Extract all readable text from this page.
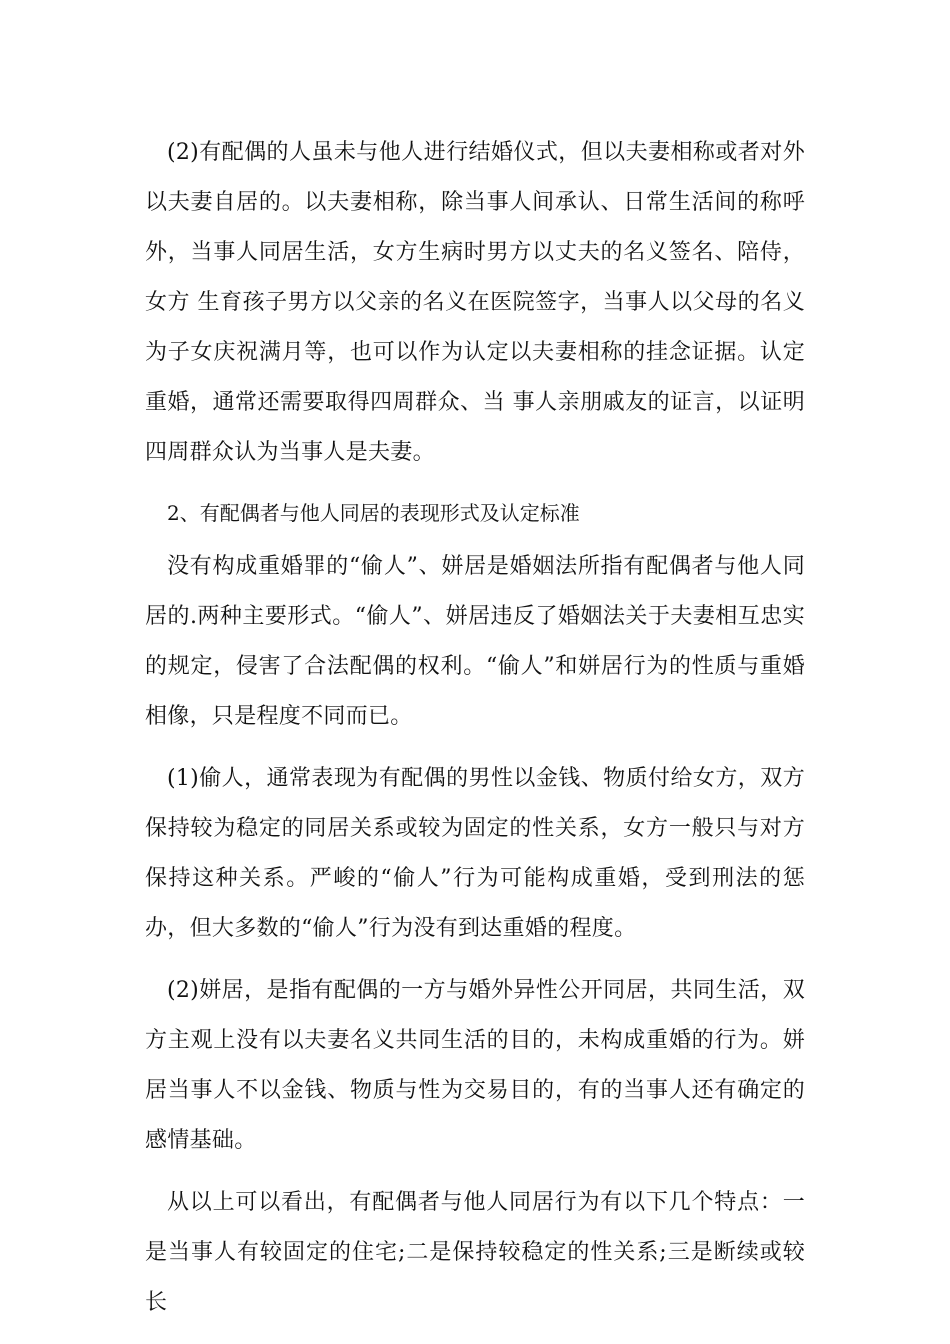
(2)有配偶的人虽未与他人进行结婚仪式，但以夫妻相称或者对外以夫妻自居的。以夫妻相称，除当事人间承认、日常生活间的称呼外，当事人同居生活，女方生病时男方以丈夫的名义签名、陪侍，女方 生育孩子男方以父亲的名义在医院签字，当事人以父母的名义为子女庆祝满月等，也可以作为认定以夫妻相称的挂念证据。认定重婚，通常还需要取得四周群众、当 事人亲朋戚友的证言，以证明四周群众认为当事人是夫妻。

2、有配偶者与他人同居的表现形式及认定标准

没有构成重婚罪的“偷人”、姘居是婚姻法所指有配偶者与他人同居的.两种主要形式。“偷人”、姘居违反了婚姻法关于夫妻相互忠实的规定，侵害了合法配偶的权利。“偷人”和姘居行为的性质与重婚相像，只是程度不同而已。

(1)偷人，通常表现为有配偶的男性以金钱、物质付给女方，双方保持较为稳定的同居关系或较为固定的性关系，女方一般只与对方保持这种关系。严峻的“偷人”行为可能构成重婚，受到刑法的惩办，但大多数的“偷人”行为没有到达重婚的程度。

(2)姘居，是指有配偶的一方与婚外异性公开同居，共同生活，双方主观上没有以夫妻名义共同生活的目的，未构成重婚的行为。姘居当事人不以金钱、物质与性为交易目的，有的当事人还有确定的感情基础。

从以上可以看出，有配偶者与他人同居行为有以下几个特点：一是当事人有较固定的住宅;二是保持较稳定的性关系;三是断续或较长
